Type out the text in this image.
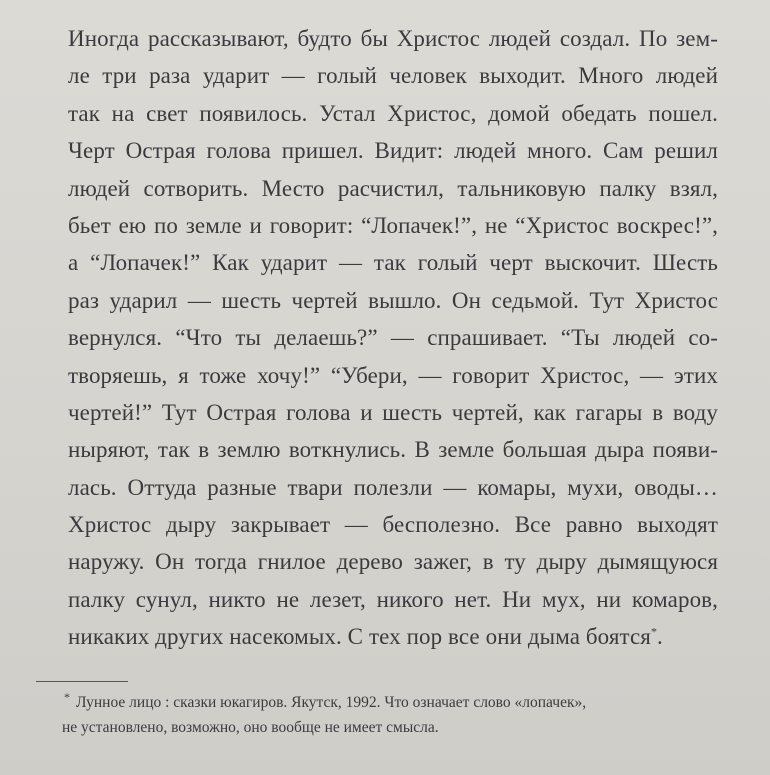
Иногда рассказывают, будто бы Христос людей создал. По зем-
ле три раза ударит — голый человек выходит. Много людей
так на свет появилось. Устал Христос, домой обедать пошел.
Черт Острая голова пришел. Видит: людей много. Сам решил
людей сотворить. Место расчистил, тальниковую палку взял,
бьет ею по земле и говорит: “Лопачек!”, не “Христос воскрес!”,
а “Лопачек!” Как ударит — так голый черт выскочит. Шесть
раз ударил — шесть чертей вышло. Он седьмой. Тут Христос
вернулся. “Что ты делаешь?” — спрашивает. “Ты людей со-
творяешь, я тоже хочу!” “Убери, — говорит Христос, — этих
чертей!” Тут Острая голова и шесть чертей, как гагары в воду
ныряют, так в землю воткнулись. В земле большая дыра появи-
лась. Оттуда разные твари полезли — комары, мухи, оводы…
Христос дыру закрывает — бесполезно. Все равно выходят
наружу. Он тогда гнилое дерево зажег, в ту дыру дымящуюся
палку сунул, никто не лезет, никого нет. Ни мух, ни комаров,
никаких других насекомых. С тех пор все они дыма боятся*.
* Лунное лицо : сказки юкагиров. Якутск, 1992. Что означает слово «лопачек»,
не установлено, возможно, оно вообще не имеет смысла.
